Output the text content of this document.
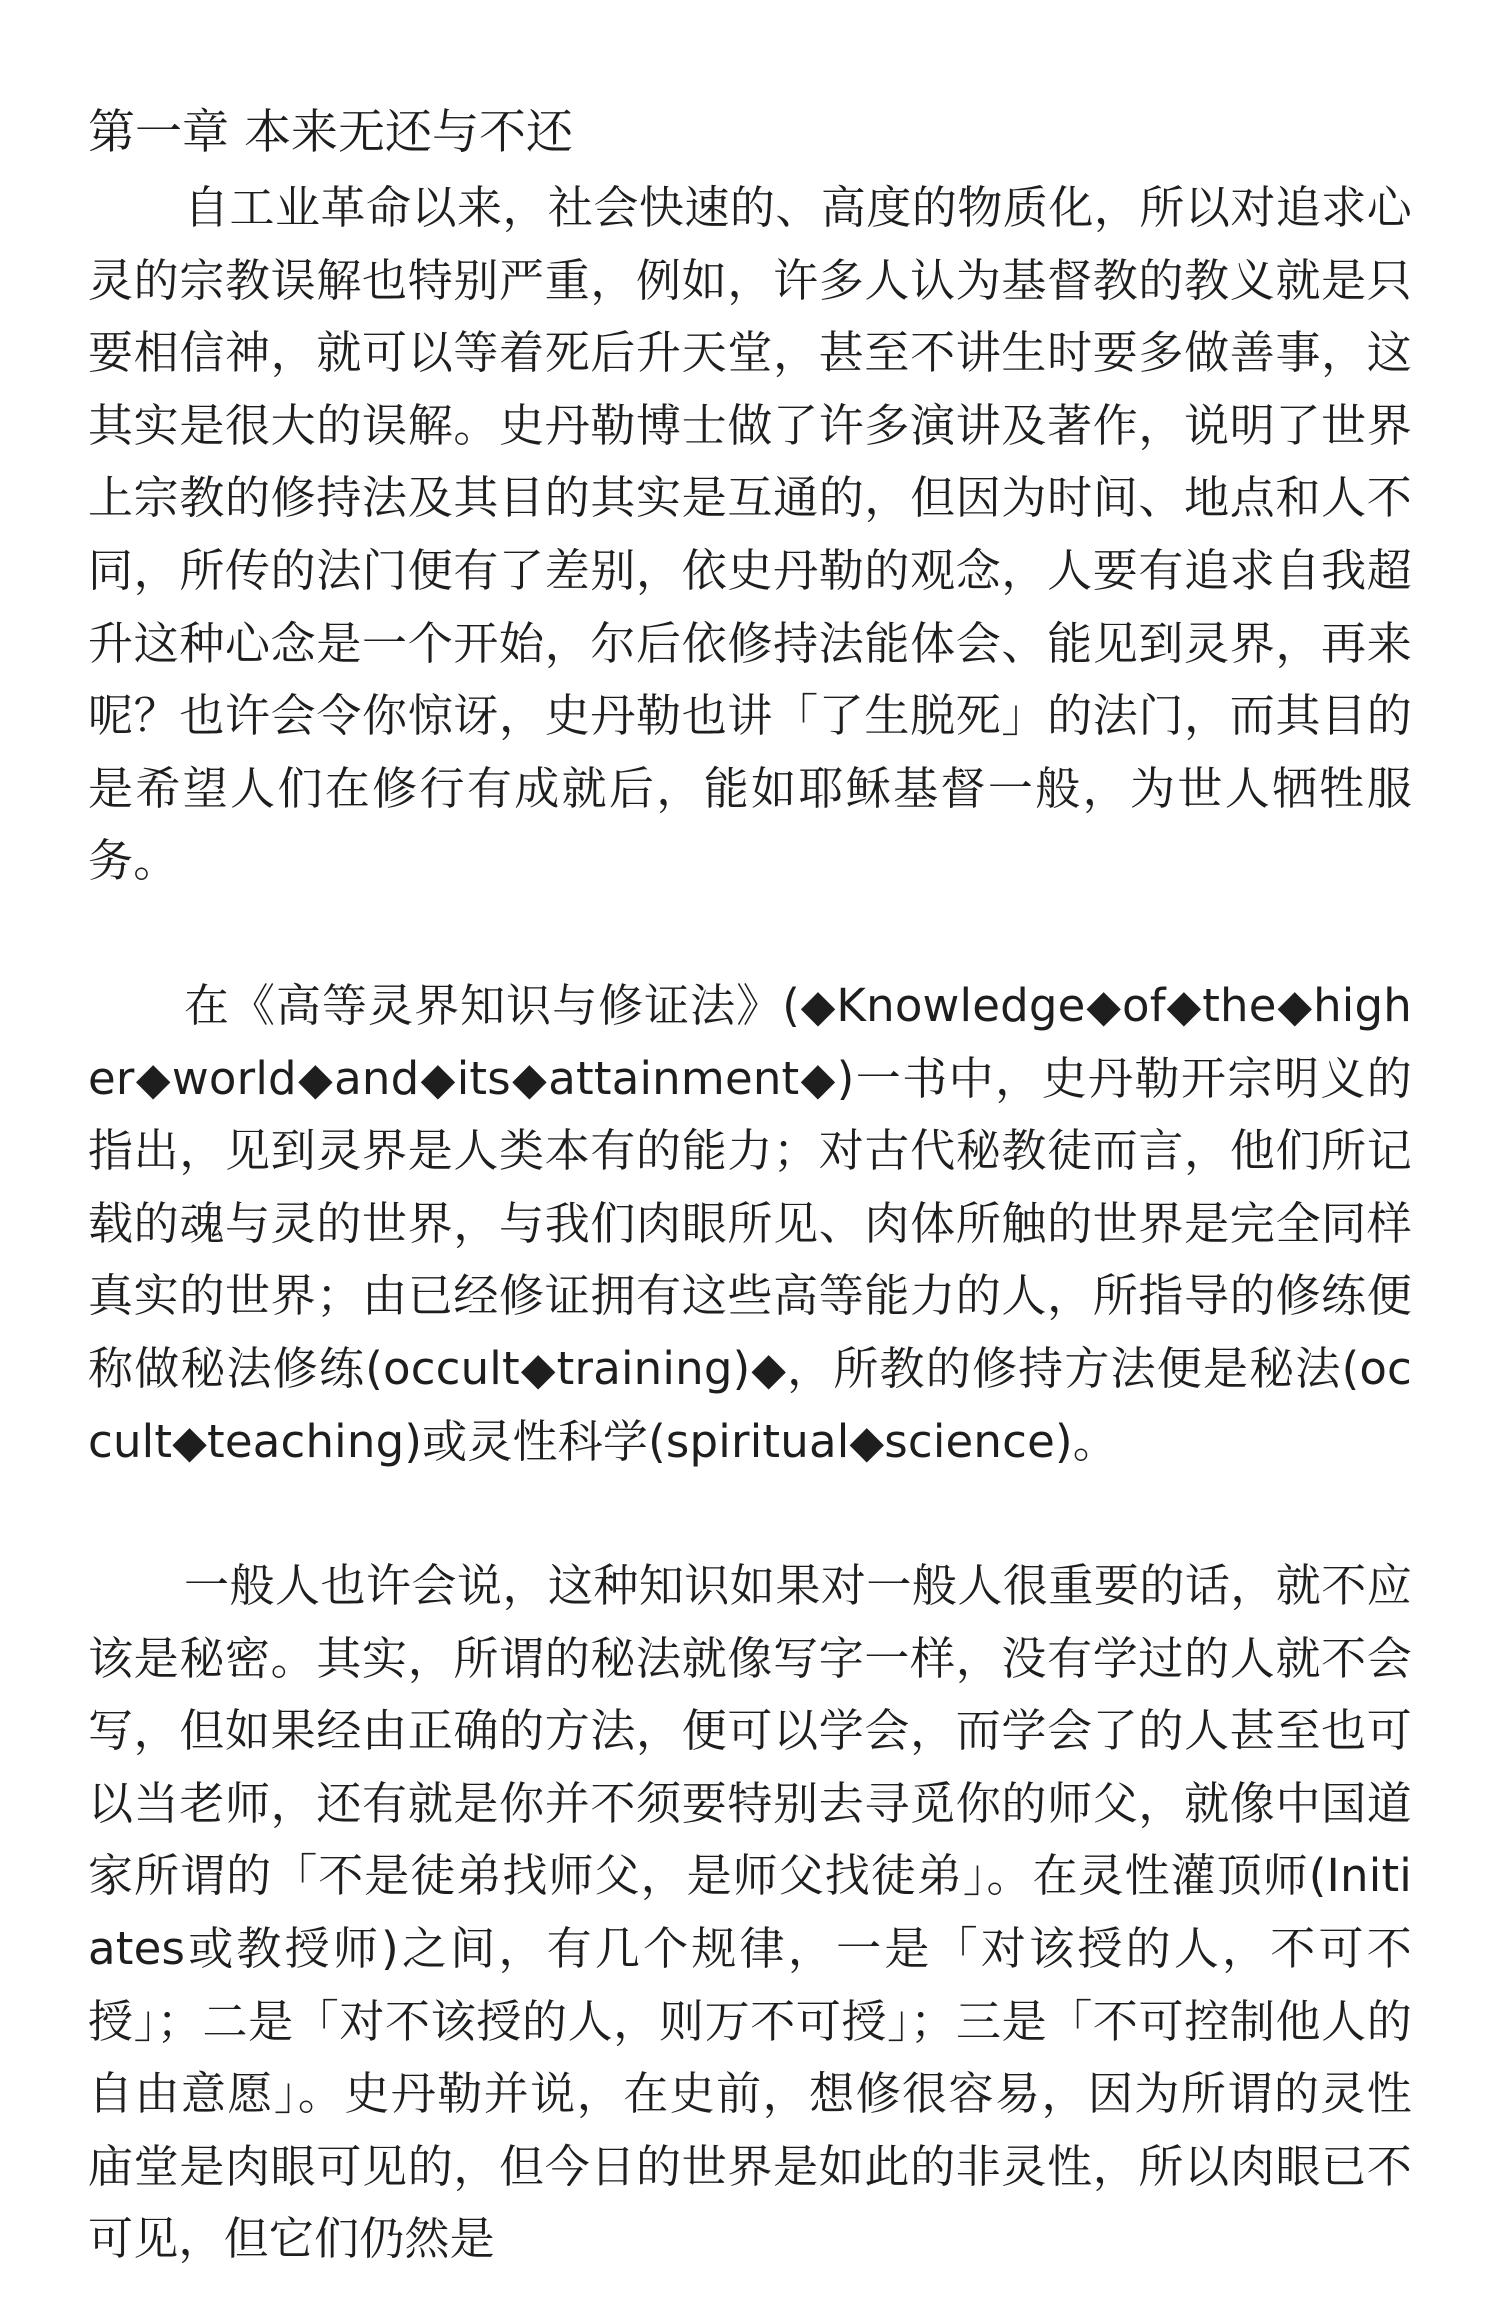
第一章 本来无还与不还

自工业革命以来，社会快速的、高度的物质化，所以对追求心灵的宗教误解也特别严重，例如，许多人认为基督教的教义就是只要相信神，就可以等着死后升天堂，甚至不讲生时要多做善事，这其实是很大的误解。史丹勒博士做了许多演讲及著作，说明了世界上宗教的修持法及其目的其实是互通的，但因为时间、地点和人不同，所传的法门便有了差别，依史丹勒的观念，人要有追求自我超升这种心念是一个开始，尔后依修持法能体会、能见到灵界，再来呢？也许会令你惊讶，史丹勒也讲「了生脱死」的法门，而其目的是希望人们在修行有成就后，能如耶稣基督一般，为世人牺牲服务。

在《高等灵界知识与修证法》(◆Knowledge◆of◆the◆higher◆world◆and◆its◆attainment◆)一书中，史丹勒开宗明义的指出，见到灵界是人类本有的能力；对古代秘教徒而言，他们所记载的魂与灵的世界，与我们肉眼所见、肉体所触的世界是完全同样真实的世界；由已经修证拥有这些高等能力的人，所指导的修练便称做秘法修练(occult◆training)◆，所教的修持方法便是秘法(occult◆teaching)或灵性科学(spiritual◆science)。

一般人也许会说，这种知识如果对一般人很重要的话，就不应该是秘密。其实，所谓的秘法就像写字一样，没有学过的人就不会写，但如果经由正确的方法，便可以学会，而学会了的人甚至也可以当老师，还有就是你并不须要特别去寻觅你的师父，就像中国道家所谓的「不是徒弟找师父，是师父找徒弟」。在灵性灌顶师(Initiates或教授师)之间，有几个规律，一是「对该授的人，不可不授」；二是「对不该授的人，则万不可授」；三是「不可控制他人的自由意愿」。史丹勒并说，在史前，想修很容易，因为所谓的灵性庙堂是肉眼可见的，但今日的世界是如此的非灵性，所以肉眼已不可见，但它们仍然是
